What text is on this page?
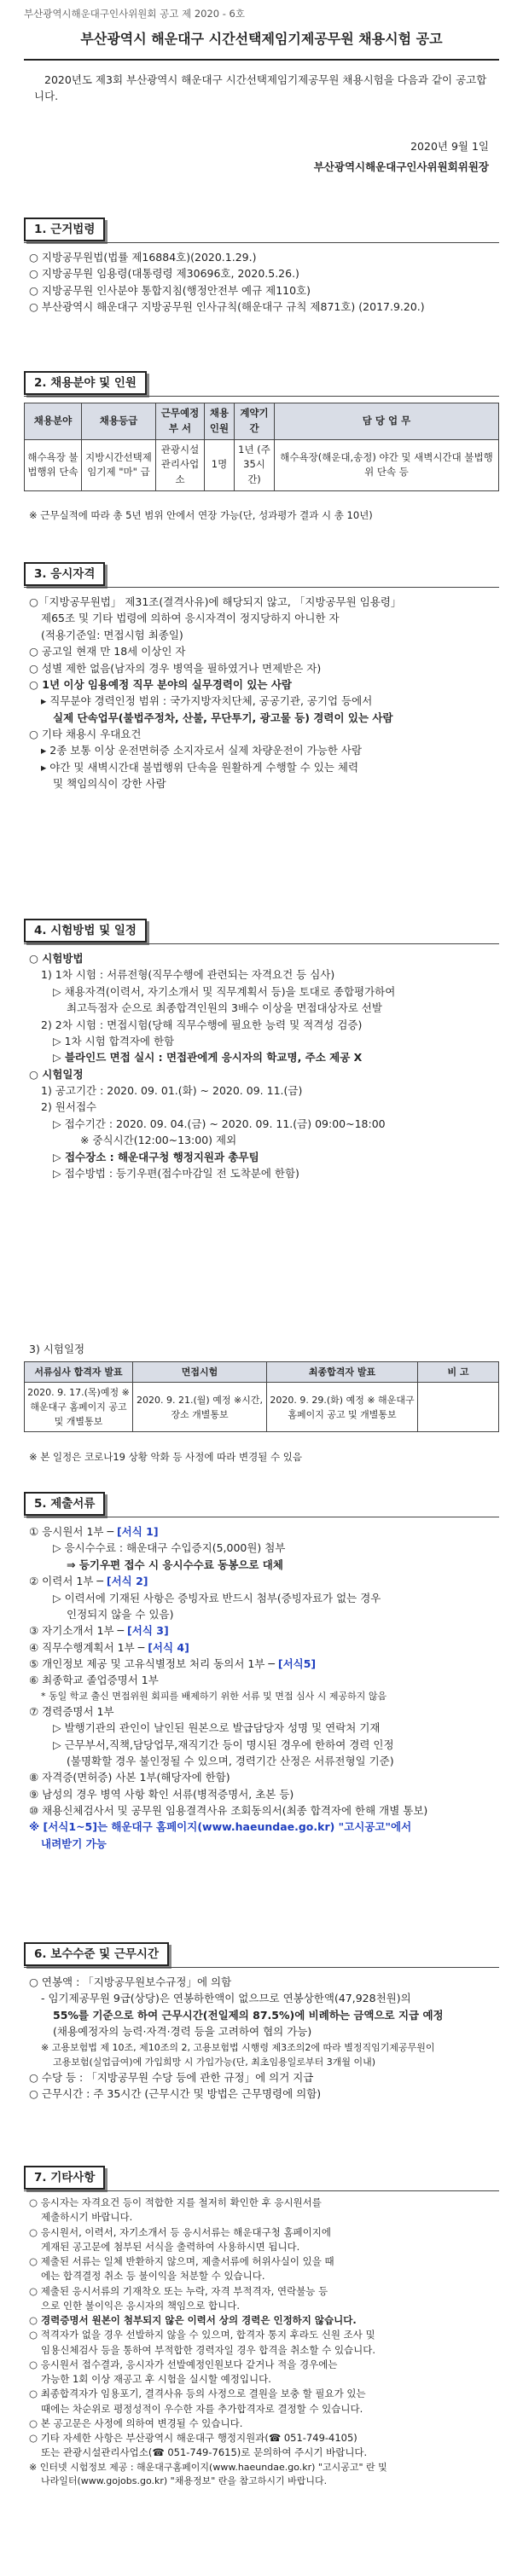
부산광역시해운대구인사위원회 공고 제 2020 - 6호
부산광역시 해운대구 시간선택제임기제공무원 채용시험 공고
2020년도 제3회 부산광역시 해운대구 시간선택제임기제공무원 채용시험을 다음과 같이 공고합니다.
2020년 9월 1일
부산광역시해운대구인사위원회위원장
1. 근거법령

○ 지방공무원법(법률 제16884호)(2020.1.29.)

○ 지방공무원 임용령(대통령령 제30696호, 2020.5.26.)

○ 지방공무원 인사분야 통합지침(행정안전부 예규 제110호)

○ 부산광역시 해운대구 지방공무원 인사규칙(해운대구 규칙 제871호) (2017.9.20.)

2. 채용분야 및 인원
채용분야	채용등급	근무예정부 서	채용인원	계약기간	담 당 업 무
해수욕장 불법행위 단속	지방시간선택제임기제 "마" 급	관광시설관리사업소	1명	1년 (주 35시간)	해수욕장(해운대,송정) 야간 및 새벽시간대 불법행위 단속 등
※ 근무실적에 따라 총 5년 범위 안에서 연장 가능(단, 성과평가 결과 시 총 10년)
3. 응시자격

○「지방공무원법」 제31조(결격사유)에 해당되지 않고, 「지방공무원 임용령」

제65조 및 기타 법령에 의하여 응시자격이 정지당하지 아니한 자

(적용기준일: 면접시험 최종일)

○ 공고일 현재 만 18세 이상인 자

○ 성별 제한 없음(남자의 경우 병역을 필하였거나 면제받은 자)

○ 1년 이상 임용예정 직무 분야의 실무경력이 있는 사람

▸ 직무분야 경력인정 범위 : 국가지방자치단체, 공공기관, 공기업 등에서

실제 단속업무(불법주정차, 산불, 무단투기, 광고물 등) 경력이 있는 사람

○ 기타 채용시 우대요건

▸ 2종 보통 이상 운전면허증 소지자로서 실제 차량운전이 가능한 사람

▸ 야간 및 새벽시간대 불법행위 단속을 원활하게 수행할 수 있는 체력

및 책임의식이 강한 사람

4. 시험방법 및 일정

○ 시험방법

1) 1차 시험 : 서류전형(직무수행에 관련되는 자격요건 등 심사)

▷ 채용자격(이력서, 자기소개서 및 직무계획서 등)을 토대로 종합평가하여

최고득점자 순으로 최종합격인원의 3배수 이상을 면접대상자로 선발

2) 2차 시험 : 면접시험(당해 직무수행에 필요한 능력 및 적격성 검증)

▷ 1차 시험 합격자에 한함

▷ 블라인드 면접 실시 : 면접관에게 응시자의 학교명, 주소 제공 X

○ 시험일정

1) 공고기간 : 2020. 09. 01.(화) ~ 2020. 09. 11.(금)

2) 원서접수

▷ 접수기간 : 2020. 09. 04.(금) ~ 2020. 09. 11.(금) 09:00~18:00

※ 중식시간(12:00~13:00) 제외

▷ 접수장소 : 해운대구청 행정지원과 총무팀

▷ 접수방법 : 등기우편(접수마감일 전 도착분에 한함)

3) 시험일정
서류심사 합격자 발표	면접시험	최종합격자 발표	비 고
2020. 9. 17.(목)예정 ※ 해운대구 홈페이지 공고 및 개별통보	2020. 9. 21.(월) 예정 ※시간,장소 개별통보	2020. 9. 29.(화) 예정 ※ 해운대구 홈페이지 공고 및 개별통보	
※ 본 일정은 코로나19 상황 악화 등 사정에 따라 변경될 수 있음
5. 제출서류

① 응시원서 1부 ─ [서식 1]

▷ 응시수수료 : 해운대구 수입증지(5,000원) 첨부

⇒ 등기우편 접수 시 응시수수료 동봉으로 대체

② 이력서 1부 ─ [서식 2]

▷ 이력서에 기재된 사항은 증빙자료 반드시 첨부(증빙자료가 없는 경우

인정되지 않을 수 있음)

③ 자기소개서 1부 ─ [서식 3]

④ 직무수행계획서 1부 ─ [서식 4]

⑤ 개인정보 제공 및 고유식별정보 처리 동의서 1부 ─ [서식5]

⑥ 최종학교 졸업증명서 1부

* 동일 학교 출신 면접위원 회피를 배제하기 위한 서류 및 면접 심사 시 제공하지 않음

⑦ 경력증명서 1부

▷ 발행기관의 관인이 날인된 원본으로 발급담당자 성명 및 연락처 기재

▷ 근무부서,직책,담당업무,재직기간 등이 명시된 경우에 한하여 경력 인정

(불명확할 경우 불인정될 수 있으며, 경력기간 산정은 서류전형일 기준)

⑧ 자격증(면허증) 사본 1부(해당자에 한함)

⑨ 남성의 경우 병역 사항 확인 서류(병적증명서, 초본 등)

⑩ 채용신체검사서 및 공무원 임용결격사유 조회동의서(최종 합격자에 한해 개별 통보)

※ [서식1~5]는 해운대구 홈페이지(www.haeundae.go.kr) "고시공고"에서

내려받기 가능

6. 보수수준 및 근무시간

○ 연봉액 : 「지방공무원보수규정」에 의함

- 임기제공무원 9급(상당)은 연봉하한액이 없으므로 연봉상한액(47,928천원)의

55%를 기준으로 하여 근무시간(전일제의 87.5%)에 비례하는 금액으로 지급 예정

(채용예정자의 능력·자격·경력 등을 고려하여 협의 가능)

※ 고용보험법 제 10조, 제10조의 2, 고용보험법 시행령 제3조의2에 따라 별정직임기제공무원이

고용보험(실업급여)에 가입희망 시 가입가능(단, 최초임용일로부터 3개월 이내)

○ 수당 등 : 「지방공무원 수당 등에 관한 규정」에 의거 지급

○ 근무시간 : 주 35시간 (근무시간 및 방법은 근무명령에 의함)

7. 기타사항

○ 응시자는 자격요건 등이 적합한 지를 철저히 확인한 후 응시원서를

제출하시기 바랍니다.

○ 응시원서, 이력서, 자기소개서 등 응시서류는 해운대구청 홈페이지에

게재된 공고문에 첨부된 서식을 출력하여 사용하시면 됩니다.

○ 제출된 서류는 일체 반환하지 않으며, 제출서류에 허위사실이 있을 때

에는 합격결정 취소 등 불이익을 처분할 수 있습니다.

○ 제출된 응시서류의 기재착오 또는 누락, 자격 부적격자, 연락불능 등

으로 인한 불이익은 응시자의 책임으로 합니다.

○ 경력증명서 원본이 첨부되지 않은 이력서 상의 경력은 인정하지 않습니다.

○ 적격자가 없을 경우 선발하지 않을 수 있으며, 합격자 통지 후라도 신원 조사 및

임용신체검사 등을 통하여 부적합한 경력자일 경우 합격을 취소할 수 있습니다.

○ 응시원서 접수결과, 응시자가 선발예정인원보다 같거나 적을 경우에는

가능한 1회 이상 재공고 후 시험을 실시할 예정입니다.

○ 최종합격자가 임용포기, 결격사유 등의 사정으로 결원을 보충 할 필요가 있는

때에는 차순위로 평정성적이 우수한 자를 추가합격자로 결정할 수 있습니다.

○ 본 공고문은 사정에 의하여 변경될 수 있습니다.

○ 기타 자세한 사항은 부산광역시 해운대구 행정지원과(☎ 051-749-4105)

또는 관광시설관리사업소(☎ 051-749-7615)로 문의하여 주시기 바랍니다.

※ 인터넷 시험정보 제공 : 해운대구홈페이지(www.haeundae.go.kr) "고시공고" 란 및

나라일터(www.gojobs.go.kr) "채용정보" 란을 참고하시기 바랍니다.
